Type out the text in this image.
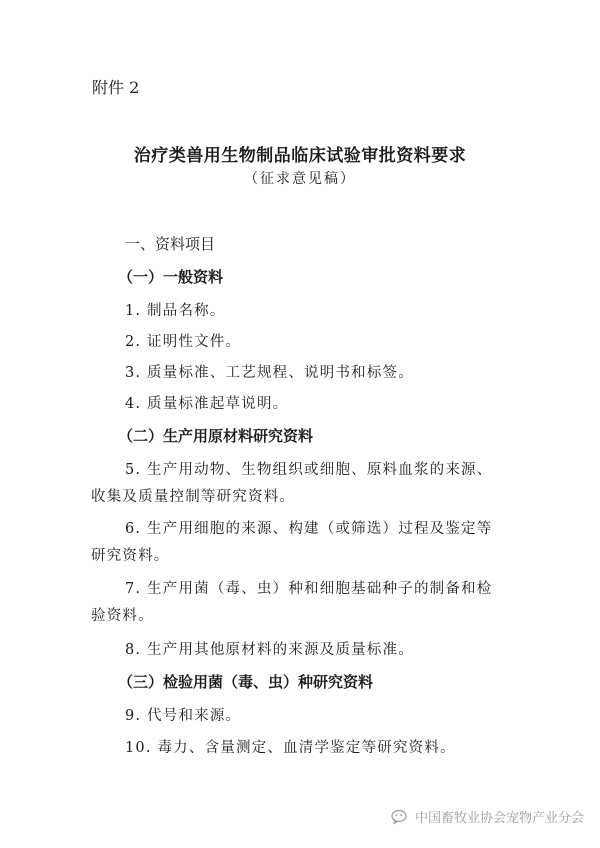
附件 2
治疗类兽用生物制品临床试验审批资料要求
（征求意见稿）
一、资料项目
（一）一般资料
1. 制品名称。
2. 证明性文件。
3. 质量标准、工艺规程、说明书和标签。
4. 质量标准起草说明。
（二）生产用原材料研究资料
5. 生产用动物、生物组织或细胞、原料血浆的来源、
收集及质量控制等研究资料。
6. 生产用细胞的来源、构建（或筛选）过程及鉴定等
研究资料。
7. 生产用菌（毒、虫）种和细胞基础种子的制备和检
验资料。
8. 生产用其他原材料的来源及质量标准。
（三）检验用菌（毒、虫）种研究资料
9. 代号和来源。
10. 毒力、含量测定、血清学鉴定等研究资料。
中国畜牧业协会宠物产业分会
